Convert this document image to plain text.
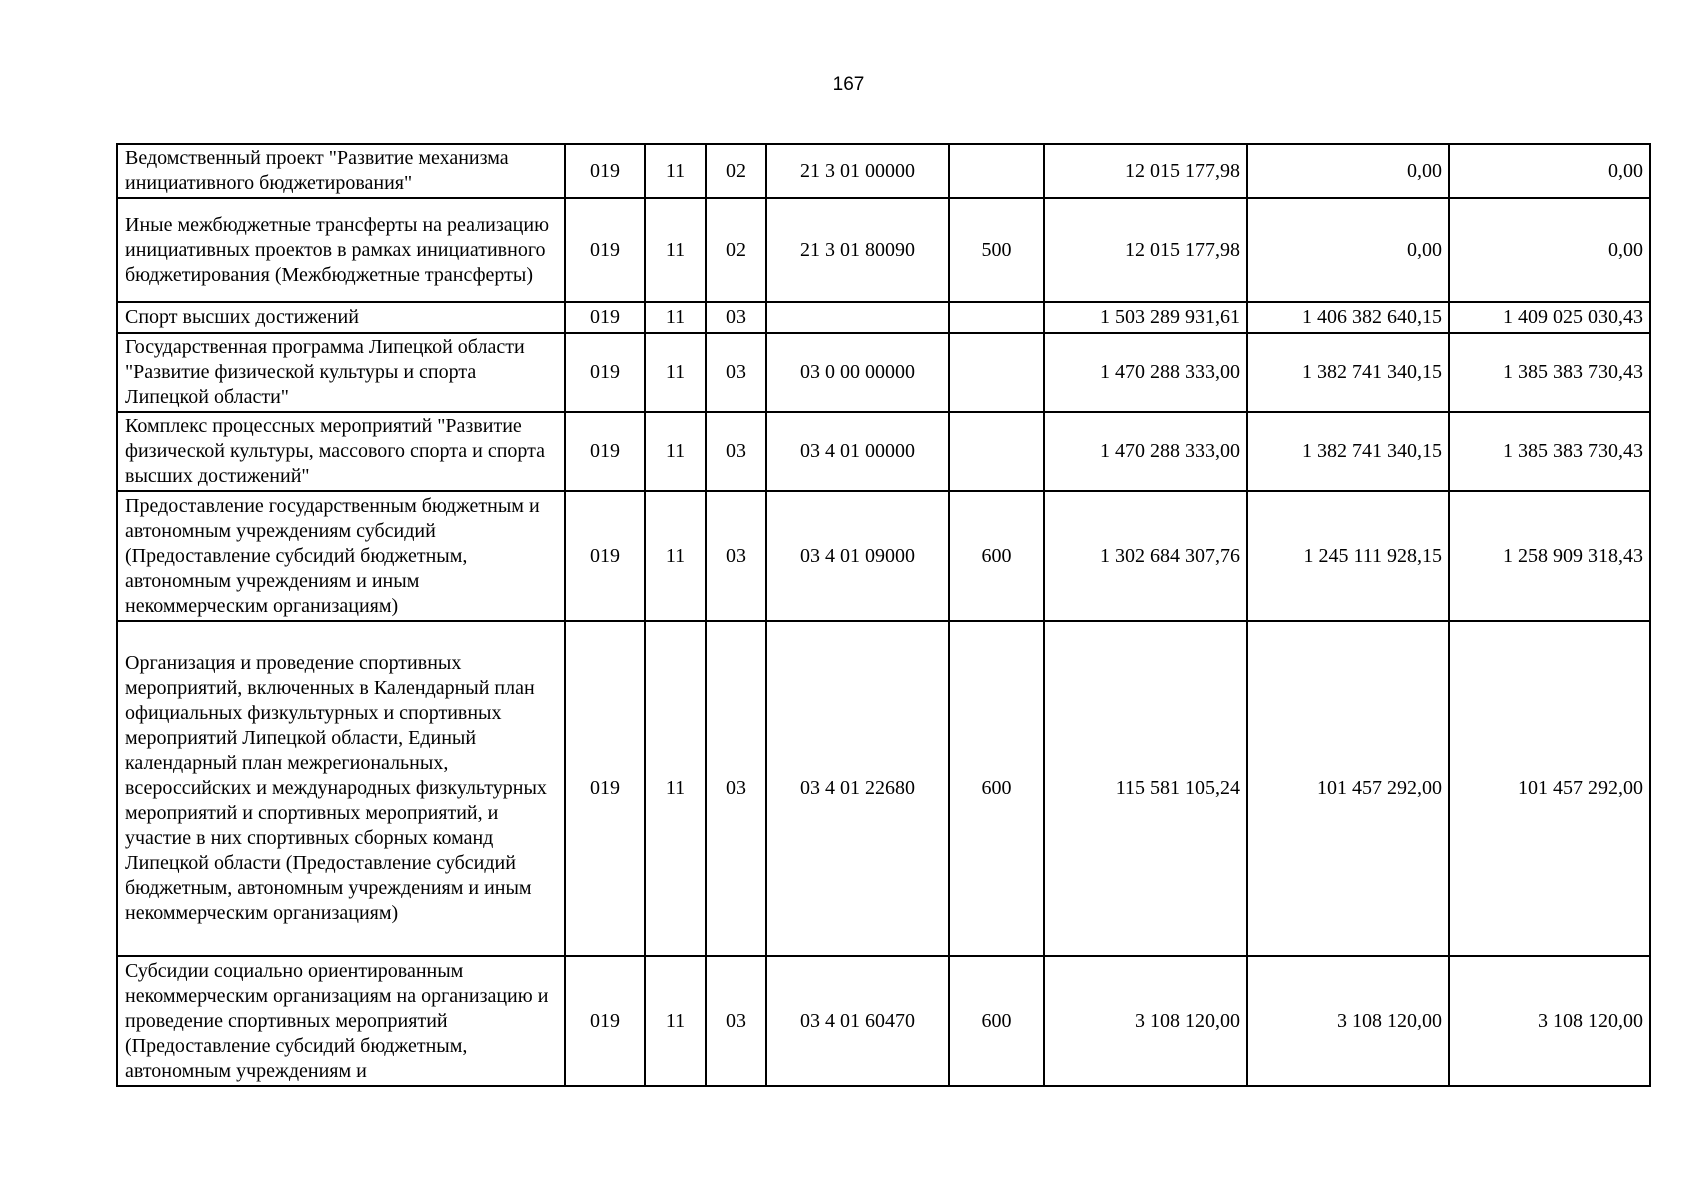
167
Ведомственный проект "Развитие механизма инициативного бюджетирования"	019	11	02	21 3 01 00000		12 015 177,98	0,00	0,00
Иные межбюджетные трансферты на реализацию инициативных проектов в рамках инициативного бюджетирования (Межбюджетные трансферты)	019	11	02	21 3 01 80090	500	12 015 177,98	0,00	0,00
Спорт высших достижений	019	11	03			1 503 289 931,61	1 406 382 640,15	1 409 025 030,43
Государственная программа Липецкой области "Развитие физической культуры и спорта Липецкой области"	019	11	03	03 0 00 00000		1 470 288 333,00	1 382 741 340,15	1 385 383 730,43
Комплекс процессных мероприятий "Развитие физической культуры, массового спорта и спорта высших достижений"	019	11	03	03 4 01 00000		1 470 288 333,00	1 382 741 340,15	1 385 383 730,43
Предоставление государственным бюджетным и автономным учреждениям субсидий (Предоставление субсидий бюджетным, автономным учреждениям и иным некоммерческим организациям)	019	11	03	03 4 01 09000	600	1 302 684 307,76	1 245 111 928,15	1 258 909 318,43
Организация и проведение спортивных мероприятий, включенных в Календарный план официальных физкультурных и спортивных мероприятий Липецкой области, Единый календарный план межрегиональных, всероссийских и международных физкультурных мероприятий и спортивных мероприятий, и участие в них спортивных сборных команд Липецкой области (Предоставление субсидий бюджетным, автономным учреждениям и иным некоммерческим организациям)	019	11	03	03 4 01 22680	600	115 581 105,24	101 457 292,00	101 457 292,00
Субсидии социально ориентированным некоммерческим организациям на организацию и проведение спортивных мероприятий (Предоставление субсидий бюджетным, автономным учреждениям и	019	11	03	03 4 01 60470	600	3 108 120,00	3 108 120,00	3 108 120,00
